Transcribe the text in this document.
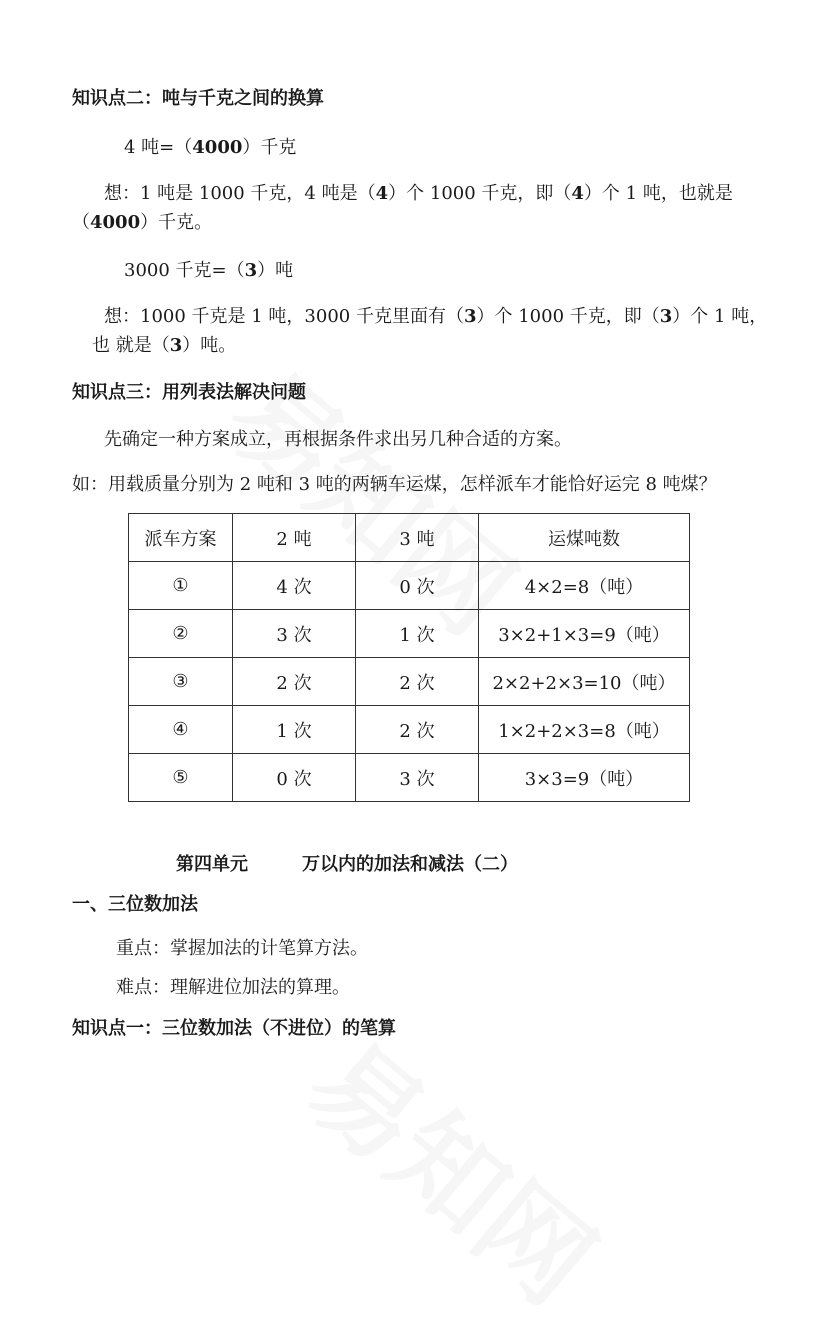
知识点二：吨与千克之间的换算
4 吨=（4000）千克
想：1 吨是 1000 千克，4 吨是（4）个 1000 千克，即（4）个 1 吨，也就是
（4000）千克。
3000 千克=（3）吨
想：1000 千克是 1 吨，3000 千克里面有（3）个 1000 千克，即（3）个 1 吨，
也 就是（3）吨。
知识点三：用列表法解决问题
先确定一种方案成立，再根据条件求出另几种合适的方案。
如：用载质量分别为 2 吨和 3 吨的两辆车运煤，怎样派车才能恰好运完 8 吨煤？
派车方案	2 吨	3 吨	运煤吨数
①	4 次	0 次	4×2=8（吨）
②	3 次	1 次	3×2+1×3=9（吨）
③	2 次	2 次	2×2+2×3=10（吨）
④	1 次	2 次	1×2+2×3=8（吨）
⑤	0 次	3 次	3×3=9（吨）
第四单元	万以内的加法和减法（二）
一、三位数加法
重点：掌握加法的计笔算方法。
难点：理解进位加法的算理。
知识点一：三位数加法（不进位）的笔算
